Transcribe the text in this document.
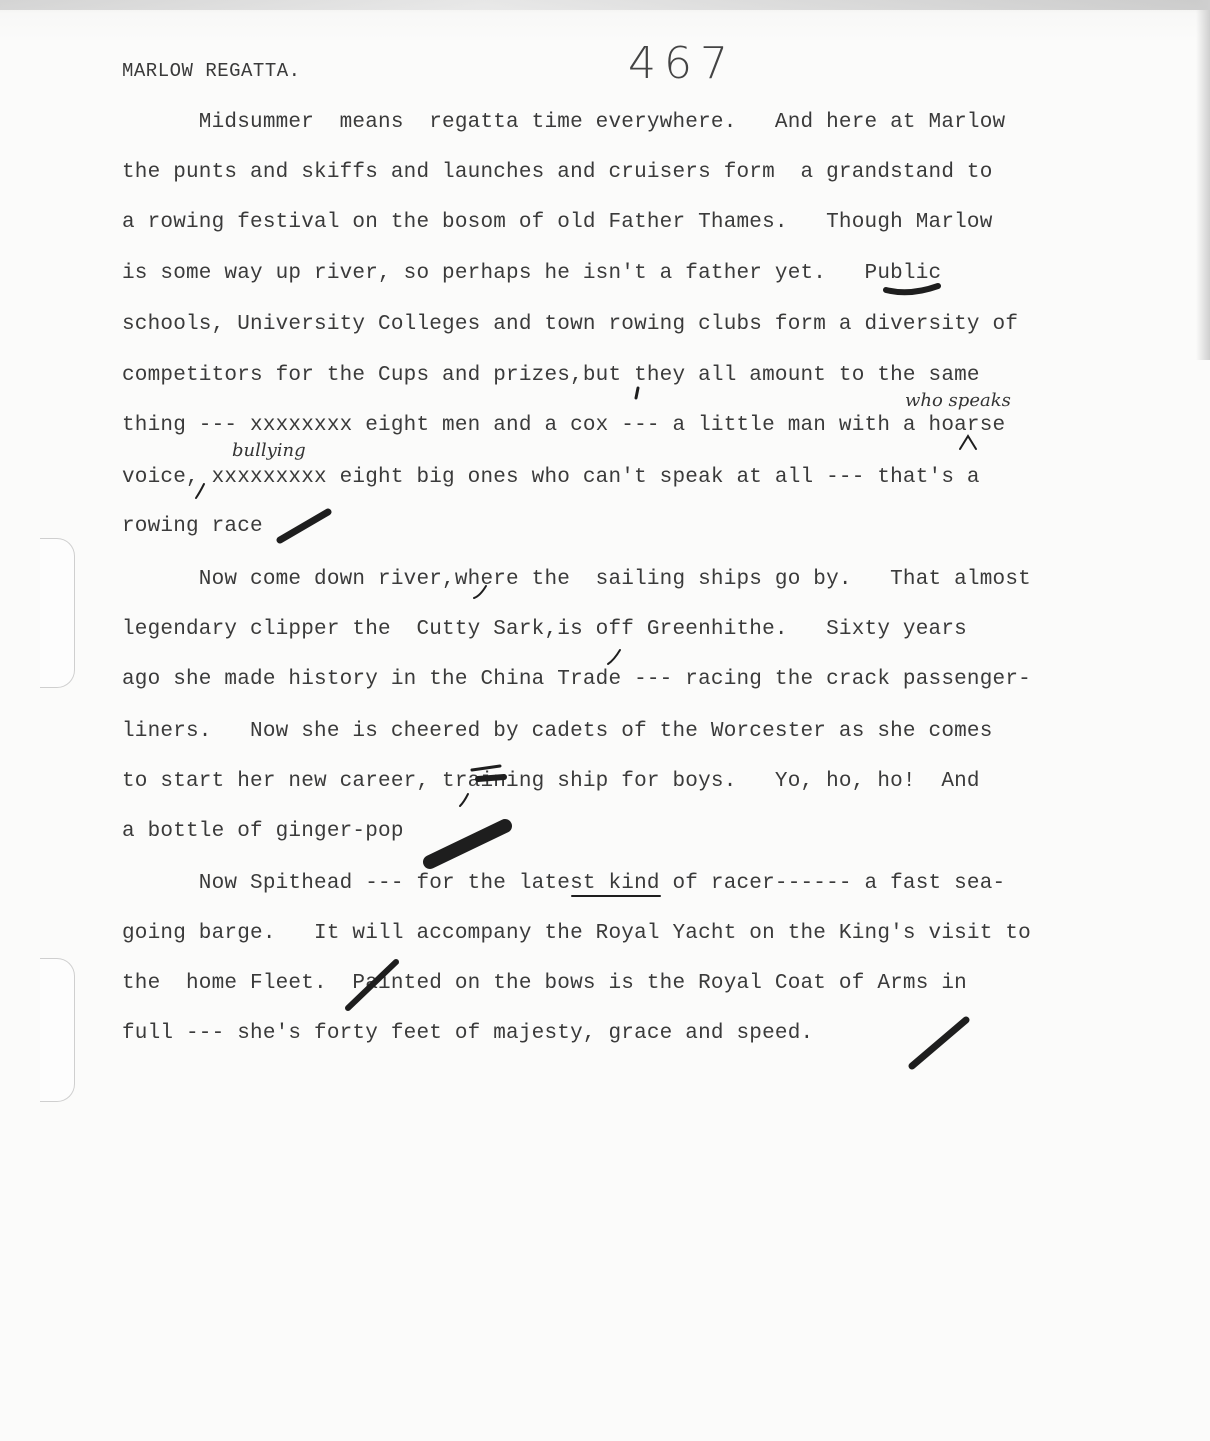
MARLOW REGATTA.	467
Midsummer  means  regatta time everywhere.   And here at Marlow
the punts and skiffs and launches and cruisers form  a grandstand to
a rowing festival on the bosom of old Father Thames.   Though Marlow
is some way up river, so perhaps he isn't a father yet.   Public
schools, University Colleges and town rowing clubs form a diversity of
competitors for the Cups and prizes,but they all amount to the same
thing --- xxxxxxxx eight men and a cox --- a little man with a hoarse
voice, xxxxxxxxx eight big ones who can't speak at all --- that's a
rowing race
Now come down river,where the  sailing ships go by.   That almost
legendary clipper the  Cutty Sark,is off Greenhithe.   Sixty years
ago she made history in the China Trade --- racing the crack passenger-
liners.   Now she is cheered by cadets of the Worcester as she comes
to start her new career, training ship for boys.   Yo, ho, ho!  And
a bottle of ginger-pop
Now Spithead --- for the latest kind of racer------ a fast sea-
going barge.   It will accompany the Royal Yacht on the King's visit to
the  home Fleet.  Painted on the bows is the Royal Coat of Arms in
full --- she's forty feet of majesty, grace and speed.
who speaks
bullying
